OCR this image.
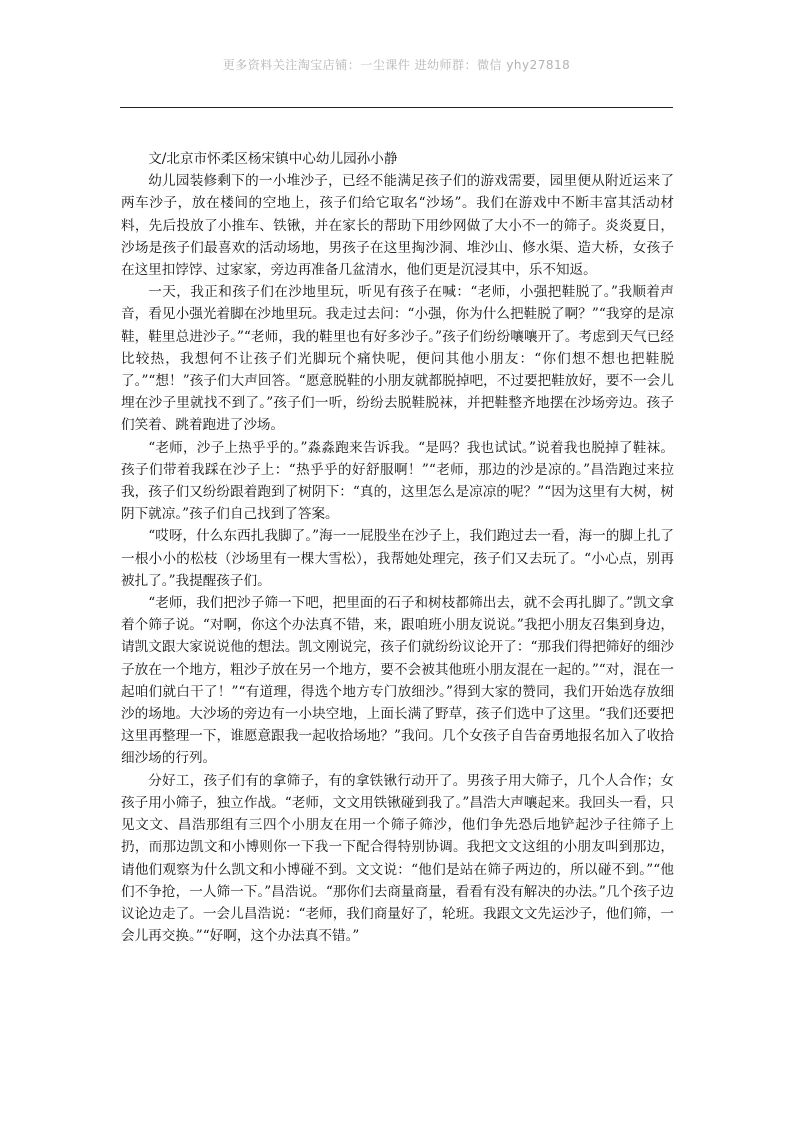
更多资料关注淘宝店铺：一尘课件 进幼师群：微信 yhy27818

文/北京市怀柔区杨宋镇中心幼儿园孙小静

幼儿园装修剩下的一小堆沙子，已经不能满足孩子们的游戏需要，园里便从附近运来了两车沙子，放在楼间的空地上，孩子们给它取名“沙场”。我们在游戏中不断丰富其活动材料，先后投放了小推车、铁锹，并在家长的帮助下用纱网做了大小不一的筛子。炎炎夏日，沙场是孩子们最喜欢的活动场地，男孩子在这里掏沙洞、堆沙山、修水渠、造大桥，女孩子在这里扣饽饽、过家家，旁边再准备几盆清水，他们更是沉浸其中，乐不知返。

一天，我正和孩子们在沙地里玩，听见有孩子在喊：“老师，小强把鞋脱了。”我顺着声音，看见小强光着脚在沙地里玩。我走过去问：“小强，你为什么把鞋脱了啊？”“我穿的是凉鞋，鞋里总进沙子。”“老师，我的鞋里也有好多沙子。”孩子们纷纷嚷嚷开了。考虑到天气已经比较热，我想何不让孩子们光脚玩个痛快呢，便问其他小朋友：“你们想不想也把鞋脱了。”“想！”孩子们大声回答。“愿意脱鞋的小朋友就都脱掉吧，不过要把鞋放好，要不一会儿埋在沙子里就找不到了。”孩子们一听，纷纷去脱鞋脱袜，并把鞋整齐地摆在沙场旁边。孩子们笑着、跳着跑进了沙场。

“老师，沙子上热乎乎的。”淼淼跑来告诉我。“是吗？我也试试。”说着我也脱掉了鞋袜。孩子们带着我踩在沙子上：“热乎乎的好舒服啊！”“老师，那边的沙是凉的。”昌浩跑过来拉我，孩子们又纷纷跟着跑到了树阴下：“真的，这里怎么是凉凉的呢？”“因为这里有大树，树阴下就凉。”孩子们自己找到了答案。

“哎呀，什么东西扎我脚了。”海一一屁股坐在沙子上，我们跑过去一看，海一的脚上扎了一根小小的松枝（沙场里有一棵大雪松），我帮她处理完，孩子们又去玩了。“小心点，别再被扎了。”我提醒孩子们。

“老师，我们把沙子筛一下吧，把里面的石子和树枝都筛出去，就不会再扎脚了。”凯文拿着个筛子说。“对啊，你这个办法真不错，来，跟咱班小朋友说说。”我把小朋友召集到身边，请凯文跟大家说说他的想法。凯文刚说完，孩子们就纷纷议论开了：“那我们得把筛好的细沙子放在一个地方，粗沙子放在另一个地方，要不会被其他班小朋友混在一起的。”“对，混在一起咱们就白干了！”“有道理，得选个地方专门放细沙。”得到大家的赞同，我们开始选存放细沙的场地。大沙场的旁边有一小块空地，上面长满了野草，孩子们选中了这里。“我们还要把这里再整理一下，谁愿意跟我一起收拾场地？”我问。几个女孩子自告奋勇地报名加入了收拾细沙场的行列。

分好工，孩子们有的拿筛子，有的拿铁锹行动开了。男孩子用大筛子，几个人合作；女孩子用小筛子，独立作战。“老师，文文用铁锹碰到我了。”昌浩大声嚷起来。我回头一看，只见文文、昌浩那组有三四个小朋友在用一个筛子筛沙，他们争先恐后地铲起沙子往筛子上扔，而那边凯文和小博则你一下我一下配合得特别协调。我把文文这组的小朋友叫到那边，请他们观察为什么凯文和小博碰不到。文文说：“他们是站在筛子两边的，所以碰不到。”“他们不争抢，一人筛一下。”昌浩说。“那你们去商量商量，看看有没有解决的办法。”几个孩子边议论边走了。一会儿昌浩说：“老师，我们商量好了，轮班。我跟文文先运沙子，他们筛，一会儿再交换。”“好啊，这个办法真不错。”
